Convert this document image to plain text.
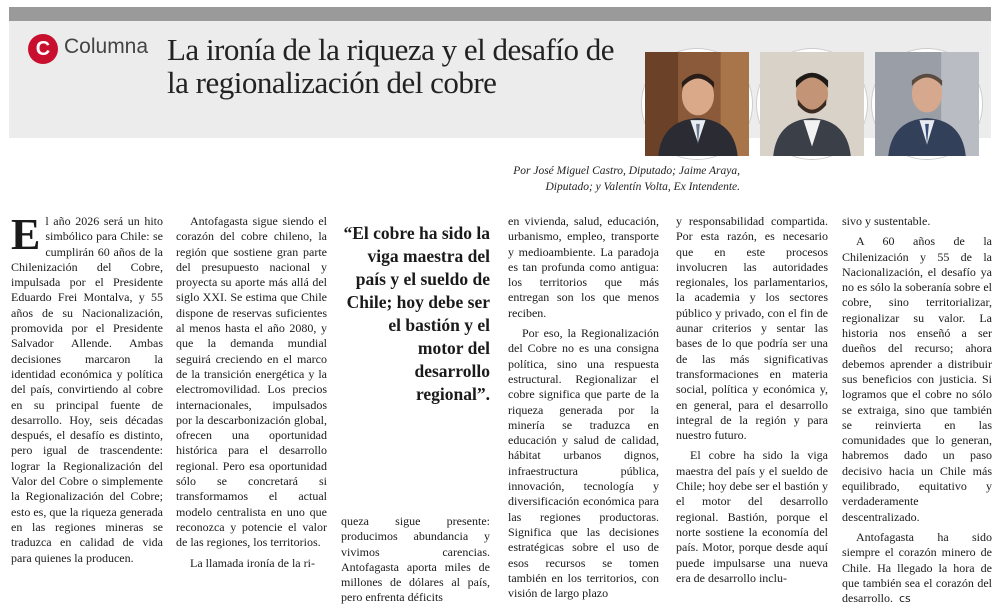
C Columna La ironía de la riqueza y el desafío de la regionalización del cobre
Por José Miguel Castro, Diputado; Jaime Araya,
Diputado; y Valentín Volta, Ex Intendente.

El año 2026 será un hito simbólico para Chile: se cumplirán 60 años de la Chilenización del Cobre, impulsada por el Presidente Eduardo Frei Montalva, y 55 años de su Nacionalización, promovida por el Presidente Salvador Allende. Ambas decisiones marcaron la identidad económica y política del país, convirtiendo al cobre en su principal fuente de desarrollo. Hoy, seis décadas después, el desafío es distinto, pero igual de trascendente: lograr la Regionalización del Valor del Cobre o simplemente la Regionalización del Cobre; esto es, que la riqueza generada en las regiones mineras se traduzca en calidad de vida para quienes la producen.

Antofagasta sigue siendo el corazón del cobre chileno, la región que sostiene gran parte del presupuesto nacional y proyecta su aporte más allá del siglo XXI. Se estima que Chile dispone de reservas suficientes al menos hasta el año 2080, y que la demanda mundial seguirá creciendo en el marco de la transición energética y la electromovilidad. Los precios internacionales, impulsados por la descarbonización global, ofrecen una oportunidad histórica para el desarrollo regional. Pero esa oportunidad sólo se concretará si transformamos el actual modelo centralista en uno que reconozca y potencie el valor de las regiones, los territorios.

La llamada ironía de la ri-

“El cobre ha sido la viga maestra del país y el sueldo de Chile; hoy debe ser el bastión y el motor del desarrollo regional”.

queza sigue presente: producimos abundancia y vivimos carencias. Antofagasta aporta miles de millones de dólares al país, pero enfrenta déficits

en vivienda, salud, educación, urbanismo, empleo, transporte y medioambiente. La paradoja es tan profunda como antigua: los territorios que más entregan son los que menos reciben.

Por eso, la Regionalización del Cobre no es una consigna política, sino una respuesta estructural. Regionalizar el cobre significa que parte de la riqueza generada por la minería se traduzca en educación y salud de calidad, hábitat urbanos dignos, infraestructura pública, innovación, tecnología y diversificación económica para las regiones productoras. Significa que las decisiones estratégicas sobre el uso de esos recursos se tomen también en los territorios, con visión de largo plazo

y responsabilidad compartida. Por esta razón, es necesario que en este procesos involucren las autoridades regionales, los parlamentarios, la academia y los sectores público y privado, con el fin de aunar criterios y sentar las bases de lo que podría ser una de las más significativas transformaciones en materia social, política y económica y, en general, para el desarrollo integral de la región y para nuestro futuro.

El cobre ha sido la viga maestra del país y el sueldo de Chile; hoy debe ser el bastión y el motor del desarrollo regional. Bastión, porque el norte sostiene la economía del país. Motor, porque desde aquí puede impulsarse una nueva era de desarrollo inclu-

sivo y sustentable.

A 60 años de la Chilenización y 55 de la Nacionalización, el desafío ya no es sólo la soberanía sobre el cobre, sino territorializar, regionalizar su valor. La historia nos enseñó a ser dueños del recurso; ahora debemos aprender a distribuir sus beneficios con justicia. Si logramos que el cobre no sólo se extraiga, sino que también se reinvierta en las comunidades que lo generan, habremos dado un paso decisivo hacia un Chile más equilibrado, equitativo y verdaderamente descentralizado.

Antofagasta ha sido siempre el corazón minero de Chile. Ha llegado la hora de que también sea el corazón del desarrollo. cs
